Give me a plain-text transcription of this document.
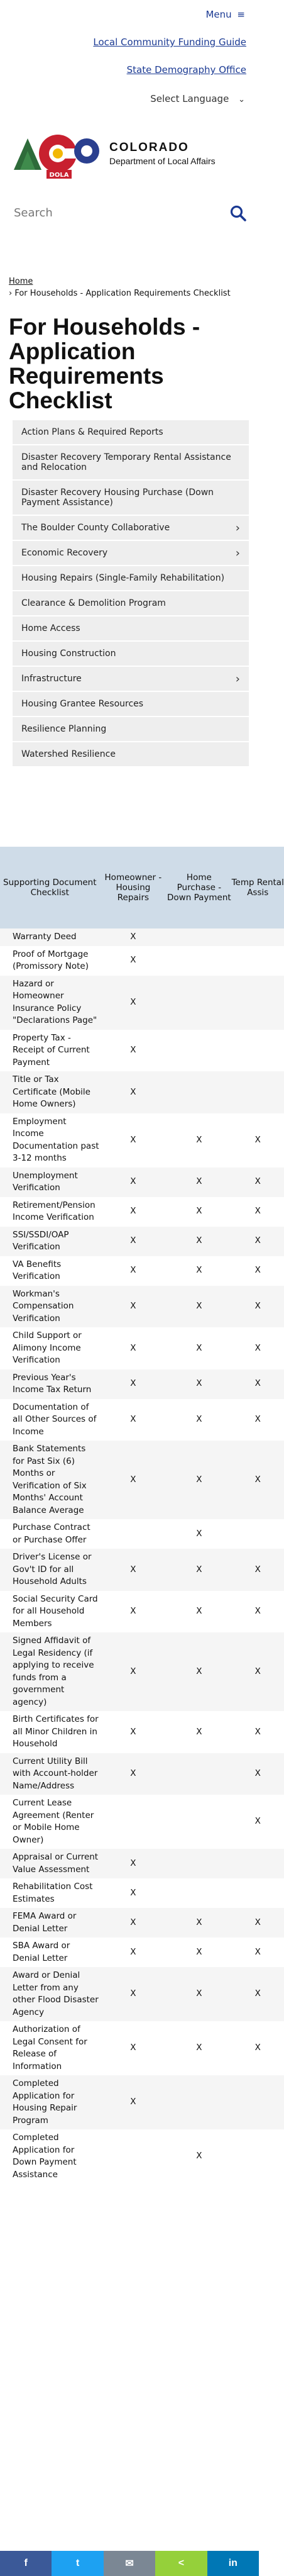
Menu ≡
Local Community Funding Guide
State Demography Office
Select Language ⌄
DOLA
COLORADO
Department of Local Affairs
Search
Home
› For Households - Application Requirements Checklist
For Households - Application Requirements Checklist
Action Plans & Required Reports
Disaster Recovery Temporary Rental Assistance and Relocation
Disaster Recovery Housing Purchase (Down Payment Assistance)
The Boulder County Collaborative	›
Economic Recovery	›
Housing Repairs (Single-Family Rehabilitation)
Clearance & Demolition Program
Home Access
Housing Construction
Infrastructure	›
Housing Grantee Resources
Resilience Planning
Watershed Resilience
Supporting Document Checklist	Homeowner - Housing Repairs	Home Purchase - Down Payment	Temp Rental Assis
Warranty Deed	X		
Proof of Mortgage (Promissory Note)	X		
Hazard or Homeowner Insurance Policy "Declarations Page"	X		
Property Tax - Receipt of Current Payment	X		
Title or Tax Certificate (Mobile Home Owners)	X		
Employment Income Documentation past 3-12 months	X	X	X
Unemployment Verification	X	X	X
Retirement/Pension Income Verification	X	X	X
SSI/SSDI/OAP Verification	X	X	X
VA Benefits Verification	X	X	X
Workman's Compensation Verification	X	X	X
Child Support or Alimony Income Verification	X	X	X
Previous Year's Income Tax Return	X	X	X
Documentation of all Other Sources of Income	X	X	X
Bank Statements for Past Six (6) Months or Verification of Six Months' Account Balance Average	X	X	X
Purchase Contract or Purchase Offer		X	
Driver's License or Gov't ID for all Household Adults	X	X	X
Social Security Card for all Household Members	X	X	X
Signed Affidavit of Legal Residency (if applying to receive funds from a government agency)	X	X	X
Birth Certificates for all Minor Children in Household	X	X	X
Current Utility Bill with Account-holder Name/Address	X		X
Current Lease Agreement (Renter or Mobile Home Owner)			X
Appraisal or Current Value Assessment	X		
Rehabilitation Cost Estimates	X		
FEMA Award or Denial Letter	X	X	X
SBA Award or Denial Letter	X	X	X
Award or Denial Letter from any other Flood Disaster Agency	X	X	X
Authorization of Legal Consent for Release of Information	X	X	X
Completed Application for Housing Repair Program	X		
Completed Application for Down Payment Assistance		X	
f	t	✉	<	in
